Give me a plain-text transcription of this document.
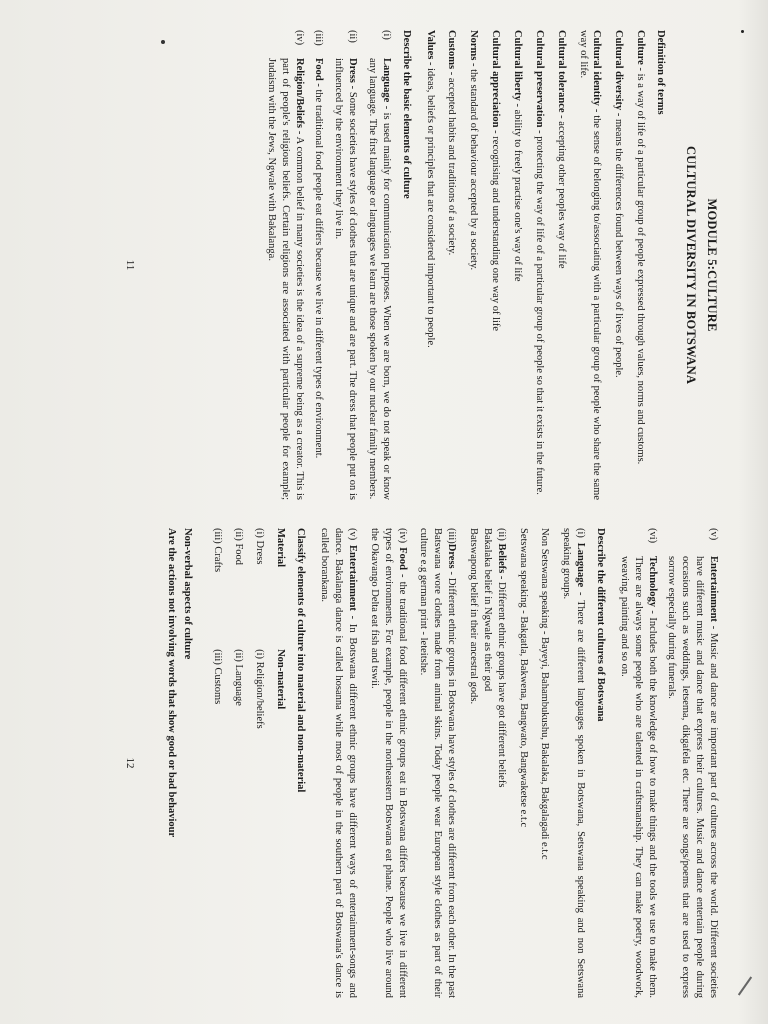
MODULE 5:CULTURE
CULTURAL DIVERSITY IN BOTSWANA
Definition of terms

Culture - is a way of life of a particular group of people expressed through values, norms and customs.

Cultural diversity - means the differences found between ways of lives of people.

Cultural identity - the sense of belonging to/associating with a particular group of people who share the same way of life.

Cultural tolerance - accepting other peoples way of life

Cultural preservation - protecting the way of life of a particular group of people so that it exists in the future.

Cultural liberty - ability to freely practise one's way of life

Cultural appreciation - recognising and understanding one way of life

Norms - the standard of behaviour accepted by a society.

Customs - accepted habits and traditions of a society.

Values - ideas, beliefs or principles that are considered important to people.

Describe the basic elements of culture
(i)
Language - is used mainly for communication purposes. When we are born, we do not speak or know any language. The first language or languages we learn are those spoken by our nuclear family members.
(ii)
Dress - Some societies have styles of clothes that are unique and are part. The dress that people put on is influenced by the environment they live in.
(iii)
Food - the traditional food people eat differs because we live in different types of environment.
(iv)
Religion/Beliefs - A common belief in many societies is the idea of a supreme being as a creator. This is part of people's religious beliefs. Certain religions are associated with particular people for example; Judaism with the Jews, Ngwale with Bakalanga.
11
(v)
Entertainment - Music and dance are important part of cultures across the world. Different societies have different music and dance that express their cultures. Music and dance entertain people during occasions such as weddings, letsema, dikgafela etc. There are songs/poems that are used to express sorrow especially during funerals.
(vi)
Technology - Includes both the knowledge of how to make things and the tools we use to make them. There are always some people who are talented in craftsmanship. They can make poetry, woodwork, weaving, painting and so on.
Describe the different cultures of Botswana

(i) Language - There are different languages spoken in Botswana, Setswana speaking and non Setswana speaking groups.

Non Setswana speaking - Bayeyi, Bahambukushu, Bakalaka, Bakgalagadi e.t.c

Setswana speaking - Bakgatla, Bakwena, Bangwato, Bangwaketse e.t.c

(ii) Beliefs - Different ethnic groups have got different beliefs

Bakalaka belief in Ngwale as their god
Batswapong belief in their ancestral gods.

(iii)Dress - Different ethnic groups in Botswana have styles of clothes are different from each other. In the past Batswana wore clothes made from animal skins. Today people wear European style clothes as part of their culture e.g german print - leteitshe.

(iv) Food - the traditional food different ethnic groups eat in Botswana differs because we live in different types of environments. For example, people in the northeastern Botswana eat phane. People who live around the Okavango Delta eat fish and tswii.

(v) Entertainment - In Botswana different ethnic groups have different ways of entertainment-songs and dance. Bakalanga dance is called hosanna while most of people in the southern part of Botswana's dance is called borankana.

Classify elements of culture into material and non-material
Material	Non-material
(i) Dress	(i) Religion/beliefs
(ii) Food	(ii) Language
(iii) Crafts	(iii) Customs
Non-verbal aspects of culture

Are the actions not involving words that show good or bad behaviour

12
